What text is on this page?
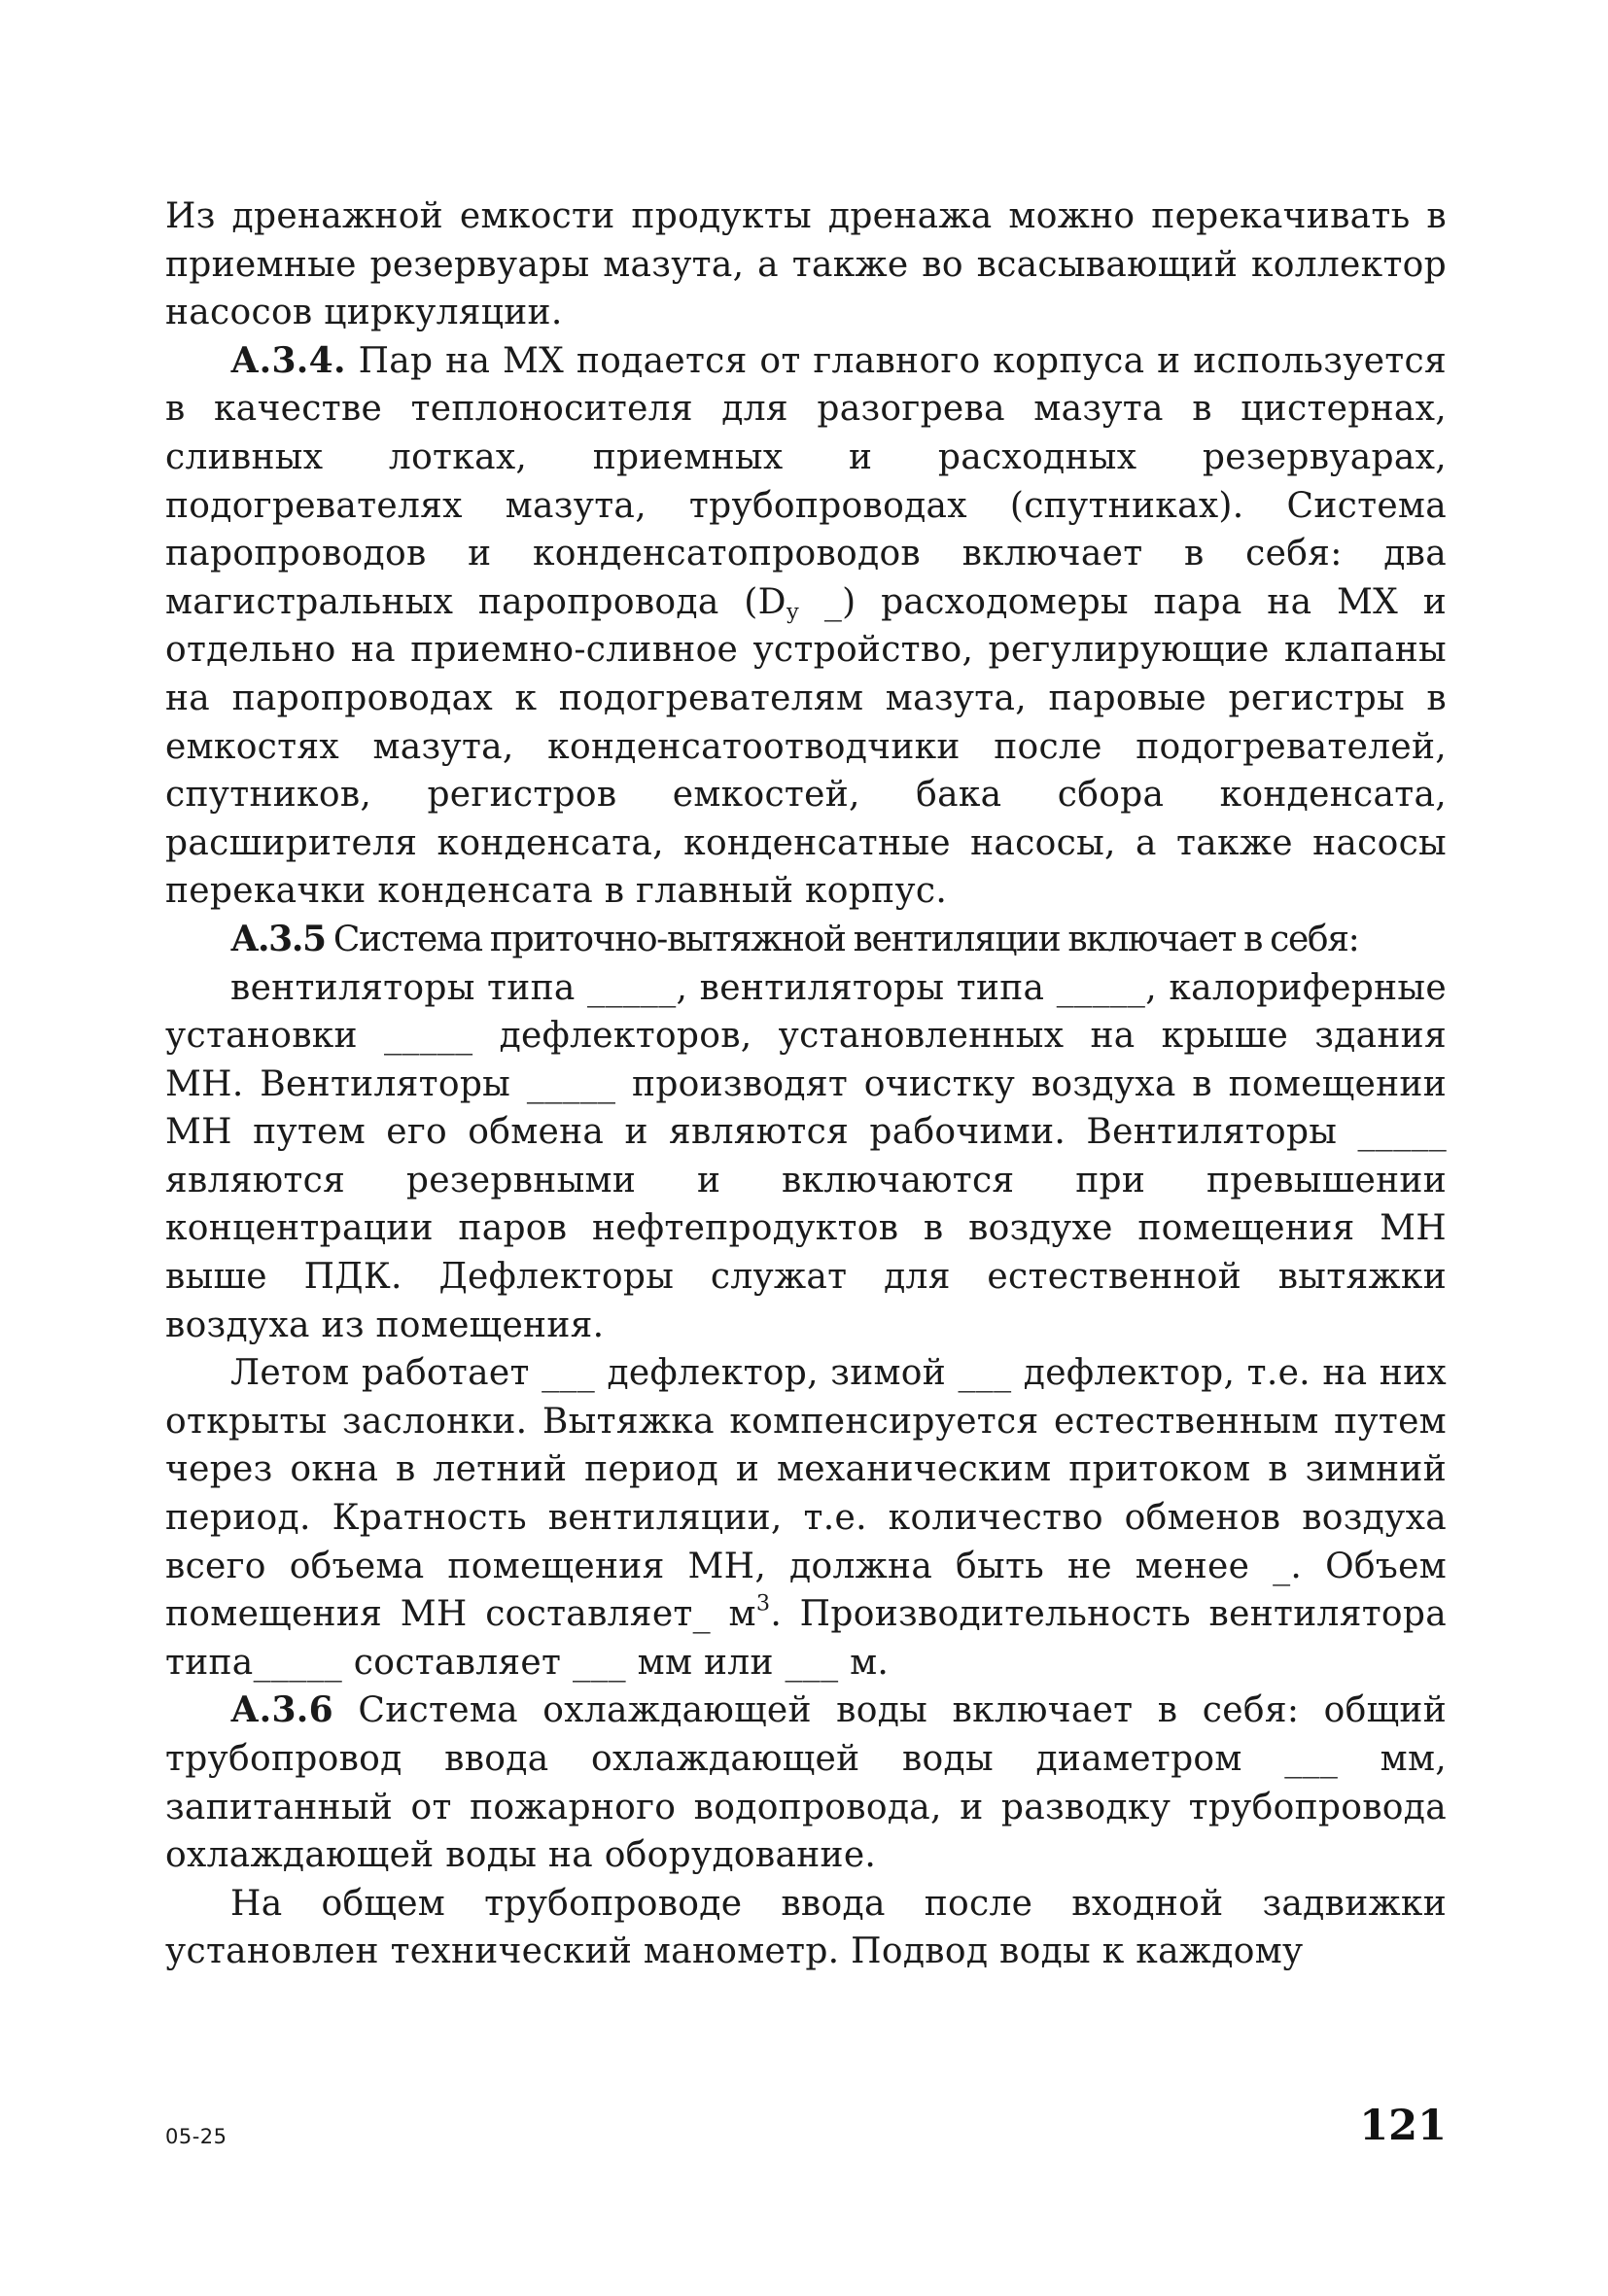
Из дренажной емкости продукты дренажа можно перекачивать в приемные резервуары мазута, а также во всасывающий коллектор насосов циркуляции.

А.3.4. Пар на МХ подается от главного корпуса и используется в качестве теплоносителя для разогрева мазута в цистернах, сливных лотках, приемных и расходных резервуарах, подогревателях мазута, трубопроводах (спутниках). Система паропроводов и конденсатопроводов включает в себя: два магистральных паропровода ($D_у$ _) расходомеры пара на МХ и отдельно на приемно-сливное устройство, регулирующие клапаны на паропроводах к подогревателям мазута, паровые регистры в емкостях мазута, конденсатоотводчики после подогревателей, спутников, регистров емкостей, бака сбора конденсата, расширителя конденсата, конденсатные насосы, а также насосы перекачки конденсата в главный корпус.

А.3.5 Система приточно-вытяжной вентиляции включает в себя:

вентиляторы типа _____, вентиляторы типа _____, калориферные установки _____ дефлекторов, установленных на крыше здания МН. Вентиляторы _____ производят очистку воздуха в помещении МН путем его обмена и являются рабочими. Вентиляторы _____ являются резервными и включаются при превышении концентрации паров нефтепродуктов в воздухе помещения МН выше ПДК. Дефлекторы служат для естественной вытяжки воздуха из помещения.

Летом работает ___ дефлектор, зимой ___ дефлектор, т.е. на них открыты заслонки. Вытяжка компенсируется естественным путем через окна в летний период и механическим притоком в зимний период. Кратность вентиляции, т.е. количество обменов воздуха всего объема помещения МН, должна быть не менее _. Объем помещения МН составляет_ $м^3$. Производительность вентилятора типа_____ составляет ___ мм или ___ м.

А.3.6 Система охлаждающей воды включает в себя: общий трубопровод ввода охлаждающей воды диаметром ___ мм, запитанный от пожарного водопровода, и разводку трубопровода охлаждающей воды на оборудование.

На общем трубопроводе ввода после входной задвижки установлен технический манометр. Подвод воды к каждому

05-25	121
